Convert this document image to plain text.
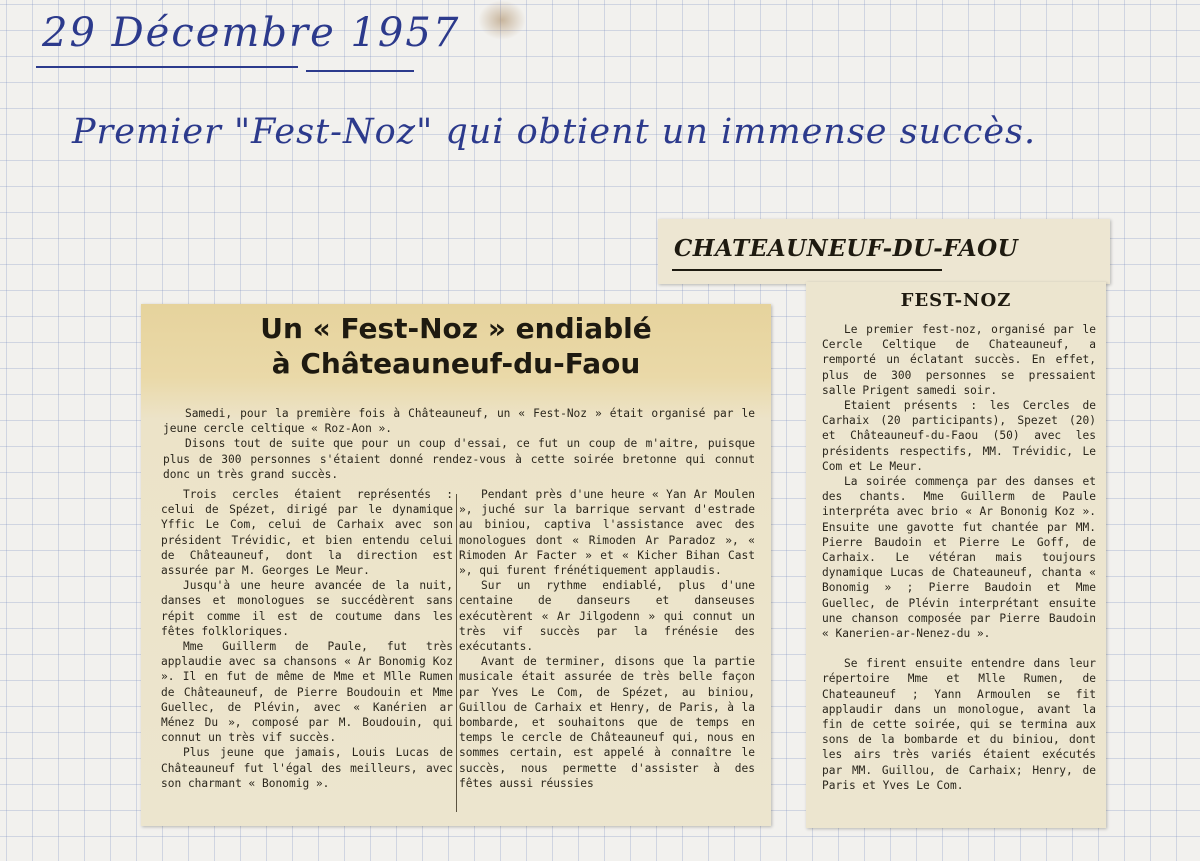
29 Décembre 1957
Premier "Fest-Noz" qui obtient un immense succès.
Un « Fest-Noz » endiablé
à Châteauneuf-du-Faou

Samedi, pour la première fois à Châteauneuf, un « Fest-Noz » était organisé par le jeune cercle celtique « Roz-Aon ».

Disons tout de suite que pour un coup d'essai, ce fut un coup de m'aitre, puisque plus de 300 personnes s'étaient donné rendez-vous à cette soirée bretonne qui connut donc un très grand succès.

Trois cercles étaient représentés : celui de Spézet, dirigé par le dynamique Yffic Le Com, celui de Carhaix avec son président Trévidic, et bien entendu celui de Châteauneuf, dont la direction est assurée par M. Georges Le Meur.

Jusqu'à une heure avancée de la nuit, danses et monologues se succédèrent sans répit comme il est de coutume dans les fêtes folkloriques.

Mme Guillerm de Paule, fut très applaudie avec sa chansons « Ar Bonomig Koz ». Il en fut de même de Mme et Mlle Rumen de Châteauneuf, de Pierre Boudouin et Mme Guellec, de Plévin, avec « Kanérien ar Ménez Du », composé par M. Boudouin, qui connut un très vif succès.

Plus jeune que jamais, Louis Lucas de Châteauneuf fut l'égal des meilleurs, avec son charmant « Bonomig ».

Pendant près d'une heure « Yan Ar Moulen », juché sur la barrique servant d'estrade au biniou, captiva l'assistance avec des monologues dont « Rimoden Ar Paradoz », « Rimoden Ar Facter » et « Kicher Bihan Cast », qui furent frénétiquement applaudis.

Sur un rythme endiablé, plus d'une centaine de danseurs et danseuses exécutèrent « Ar Jilgodenn » qui connut un très vif succès par la frénésie des exécutants.

Avant de terminer, disons que la partie musicale était assurée de très belle façon par Yves Le Com, de Spézet, au biniou, Guillou de Carhaix et Henry, de Paris, à la bombarde, et souhaitons que de temps en temps le cercle de Châteauneuf qui, nous en sommes certain, est appelé à connaître le succès, nous permette d'assister à des fêtes aussi réussies

CHATEAUNEUF-DU-FAOU
FEST-NOZ

Le premier fest-noz, organisé par le Cercle Celtique de Chateauneuf, a remporté un éclatant succès. En effet, plus de 300 personnes se pressaient salle Prigent samedi soir.

Etaient présents : les Cercles de Carhaix (20 participants), Spezet (20) et Châteauneuf-du-Faou (50) avec les présidents respectifs, MM. Trévidic, Le Com et Le Meur.

La soirée commença par des danses et des chants. Mme Guillerm de Paule interpréta avec brio « Ar Bononig Koz ». Ensuite une gavotte fut chantée par MM. Pierre Baudoin et Pierre Le Goff, de Carhaix. Le vétéran mais toujours dynamique Lucas de Chateauneuf, chanta « Bonomig » ; Pierre Baudoin et Mme Guellec, de Plévin interprétant ensuite une chanson composée par Pierre Baudoin « Kanerien-ar-Nenez-du ».

Se firent ensuite entendre dans leur répertoire Mme et Mlle Rumen, de Chateauneuf ; Yann Armoulen se fit applaudir dans un monologue, avant la fin de cette soirée, qui se termina aux sons de la bombarde et du biniou, dont les airs très variés étaient exécutés par MM. Guillou, de Carhaix; Henry, de Paris et Yves Le Com.
